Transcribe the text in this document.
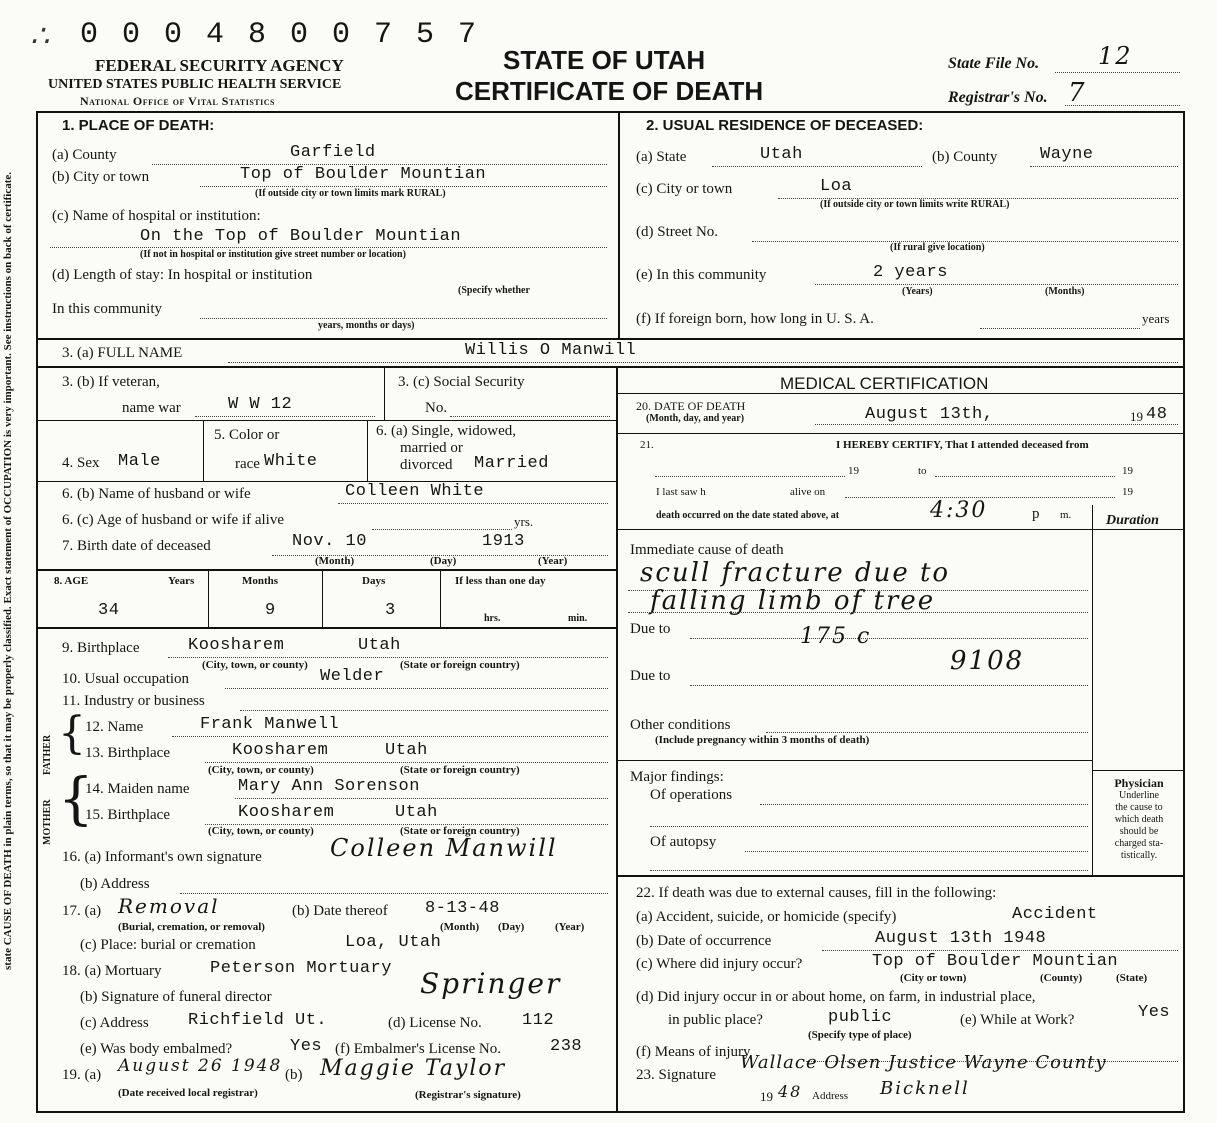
∴ 0 0 0 4 8 0 0 7 5 7
FEDERAL SECURITY AGENCY
UNITED STATES PUBLIC HEALTH SERVICE
National Office of Vital Statistics
STATE OF UTAH
CERTIFICATE OF DEATH
State File No. 12
Registrar's No. 7
state CAUSE OF DEATH in plain terms, so that it may be properly classified. Exact statement of OCCUPATION is very important. See instructions on back of certificate.
1. PLACE OF DEATH:
(a) County	Garfield
(b) City or town	Top of Boulder Mountian
(If outside city or town limits mark RURAL)
(c) Name of hospital or institution:
On the Top of Boulder Mountian
(If not in hospital or institution give street number or location)
(d) Length of stay: In hospital or institution
(Specify whether
In this community
years, months or days)
2. USUAL RESIDENCE OF DECEASED:
(a) State	Utah	(b) County	Wayne
(c) City or town	Loa
(If outside city or town limits write RURAL)
(d) Street No.
(If rural give location)
(e) In this community	2 years
(Years)	(Months)
(f) If foreign born, how long in U. S. A.	years
3. (a) FULL NAME	Willis O Manwill
3. (b) If veteran,
name war	W W 12
3. (c) Social Security
No.
4. Sex Male
5. Color or
race White
6. (a) Single, widowed,
married or
divorced Married
6. (b) Name of husband or wife	Colleen White
6. (c) Age of husband or wife if alive	yrs.
7. Birth date of deceased	Nov. 10	1913
(Month)	(Day)	(Year)
8. AGE	Years	Months	Days	If less than one day
34	9	3	hrs.	min.
9. Birthplace	Koosharem	Utah
(City, town, or county)	(State or foreign country)
10. Usual occupation	Welder
11. Industry or business
MOTHER
FATHER {
{
12. Name	Frank Manwell
13. Birthplace	Koosharem	Utah
(City, town, or county)	(State or foreign country)
14. Maiden name	Mary Ann Sorenson
15. Birthplace	Koosharem	Utah
(City, town, or county)	(State or foreign country)
16. (a) Informant's own signature	Colleen Manwill
(b) Address
17. (a) Removal
(Burial, cremation, or removal)
(b) Date thereof 8-13-48
(Month) (Day)	(Year)
(c) Place: burial or cremation	Loa, Utah
18. (a) Mortuary	Peterson Mortuary
(b) Signature of funeral director	Springer
(c) Address Richfield Ut.	(d) License No. 112
(e) Was body embalmed?	Yes (f) Embalmer's License No.	238
19. (a) August 26 1948 (b) Maggie Taylor
(Date received local registrar)	(Registrar's signature)
MEDICAL CERTIFICATION
20. DATE OF DEATH
(Month, day, and year)	August 13th,	19 48
21.	I HEREBY CERTIFY, That I attended deceased from
19	to	19
I last saw h	alive on	19
death occurred on the date stated above, at	4:30	p m. Duration
Immediate cause of death
scull fracture due to
falling limb of tree
Due to	175 c
Due to	9108
Other conditions
(Include pregnancy within 3 months of death)
Major findings:
Of operations
Of autopsy
Physician
Underline
the cause to
which death
should be
charged sta-
tistically.
22. If death was due to external causes, fill in the following:
(a) Accident, suicide, or homicide (specify)	Accident
(b) Date of occurrence	August 13th 1948
(c) Where did injury occur?	Top of Boulder Mountian
(City or town)	(County)	(State)
(d) Did injury occur in or about home, on farm, in industrial place,
in public place?	public
(Specify type of place)
(e) While at Work?	Yes
(f) Means of injury
23. Signature
Wallace Olsen Justice Wayne County
19 48 Address Bicknell
